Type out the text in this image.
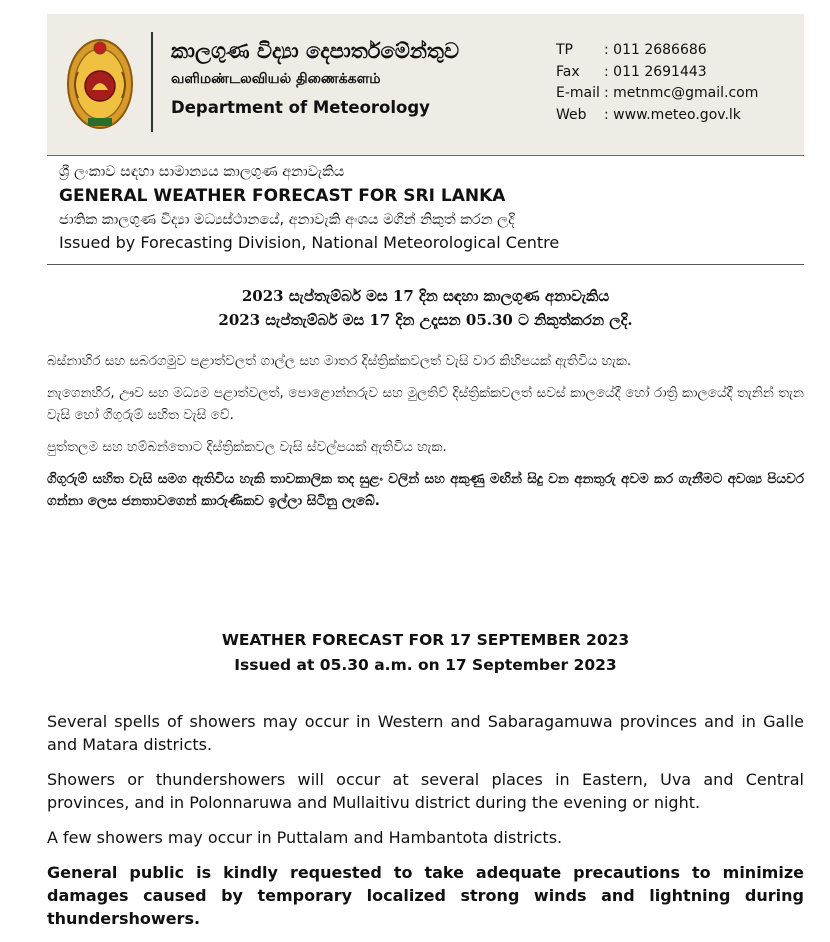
කාලගුණ විද්‍යා දෙපාර්තමේන්තුව
வளிமண்டலவியல் திணைக்களம்
Department of Meteorology
TP	: 011 2686686
Fax	: 011 2691443
E-mail : metnmc@gmail.com
Web	: www.meteo.gov.lk
ශ්‍රී ලංකාව සඳහා සාමාන්‍යය කාලගුණ අනාවැකිය
GENERAL WEATHER FORECAST FOR SRI LANKA
ජාතික කාලගුණ විද්‍යා මධ්‍යස්ථානයේ, අනාවැකි අංශය මගින් නිකුත් කරන ලදි
Issued by Forecasting Division, National Meteorological Centre
2023 සැප්තැම්බර් මස 17 දින සඳහා කාලගුණ අනාවැකිය
2023 සැප්තැම්බර් මස 17 දින උදෑසන 05.30 ට නිකුත්කරන ලදි.

බස්නාහිර සහ සබරගමුව පළාත්වලත් ගාල්ල සහ මාතර දිස්ත්‍රික්කවලත් වැසි වාර කිහිපයක් ඇතිවිය හැක.

නැගෙනහිර, ඌව සහ මධ්‍යම පළාත්වලත්, පොළොන්නරුව සහ මුලතිව් දිස්ත්‍රික්කවලත් සවස් කාලයේදී හෝ රාත්‍රි කාලයේදී තැනින් තැන වැසි හෝ ගිගුරුම් සහිත වැසි වේ.

පුත්තලම සහ හම්බන්තොට දිස්ත්‍රික්කවල වැසි ස්වල්පයක් ඇතිවිය හැක.

ගිගුරුම් සහිත වැසි සමග ඇතිවිය හැකි තාවකාලික තද සුළං වලින් සහ අකුණු මඟින් සිදු වන අනතුරු අවම කර ගැනීමට අවශ්‍ය පියවර ගන්නා ලෙස ජනතාවගෙන් කාරුණිකව ඉල්ලා සිටිනු ලැබේ.

WEATHER FORECAST FOR 17 SEPTEMBER 2023
Issued at 05.30 a.m. on 17 September 2023

Several spells of showers may occur in Western and Sabaragamuwa provinces and in Galle and Matara districts.

Showers or thundershowers will occur at several places in Eastern, Uva and Central provinces, and in Polonnaruwa and Mullaitivu district during the evening or night.

A few showers may occur in Puttalam and Hambantota districts.

General public is kindly requested to take adequate precautions to minimize damages caused by temporary localized strong winds and lightning during thundershowers.
